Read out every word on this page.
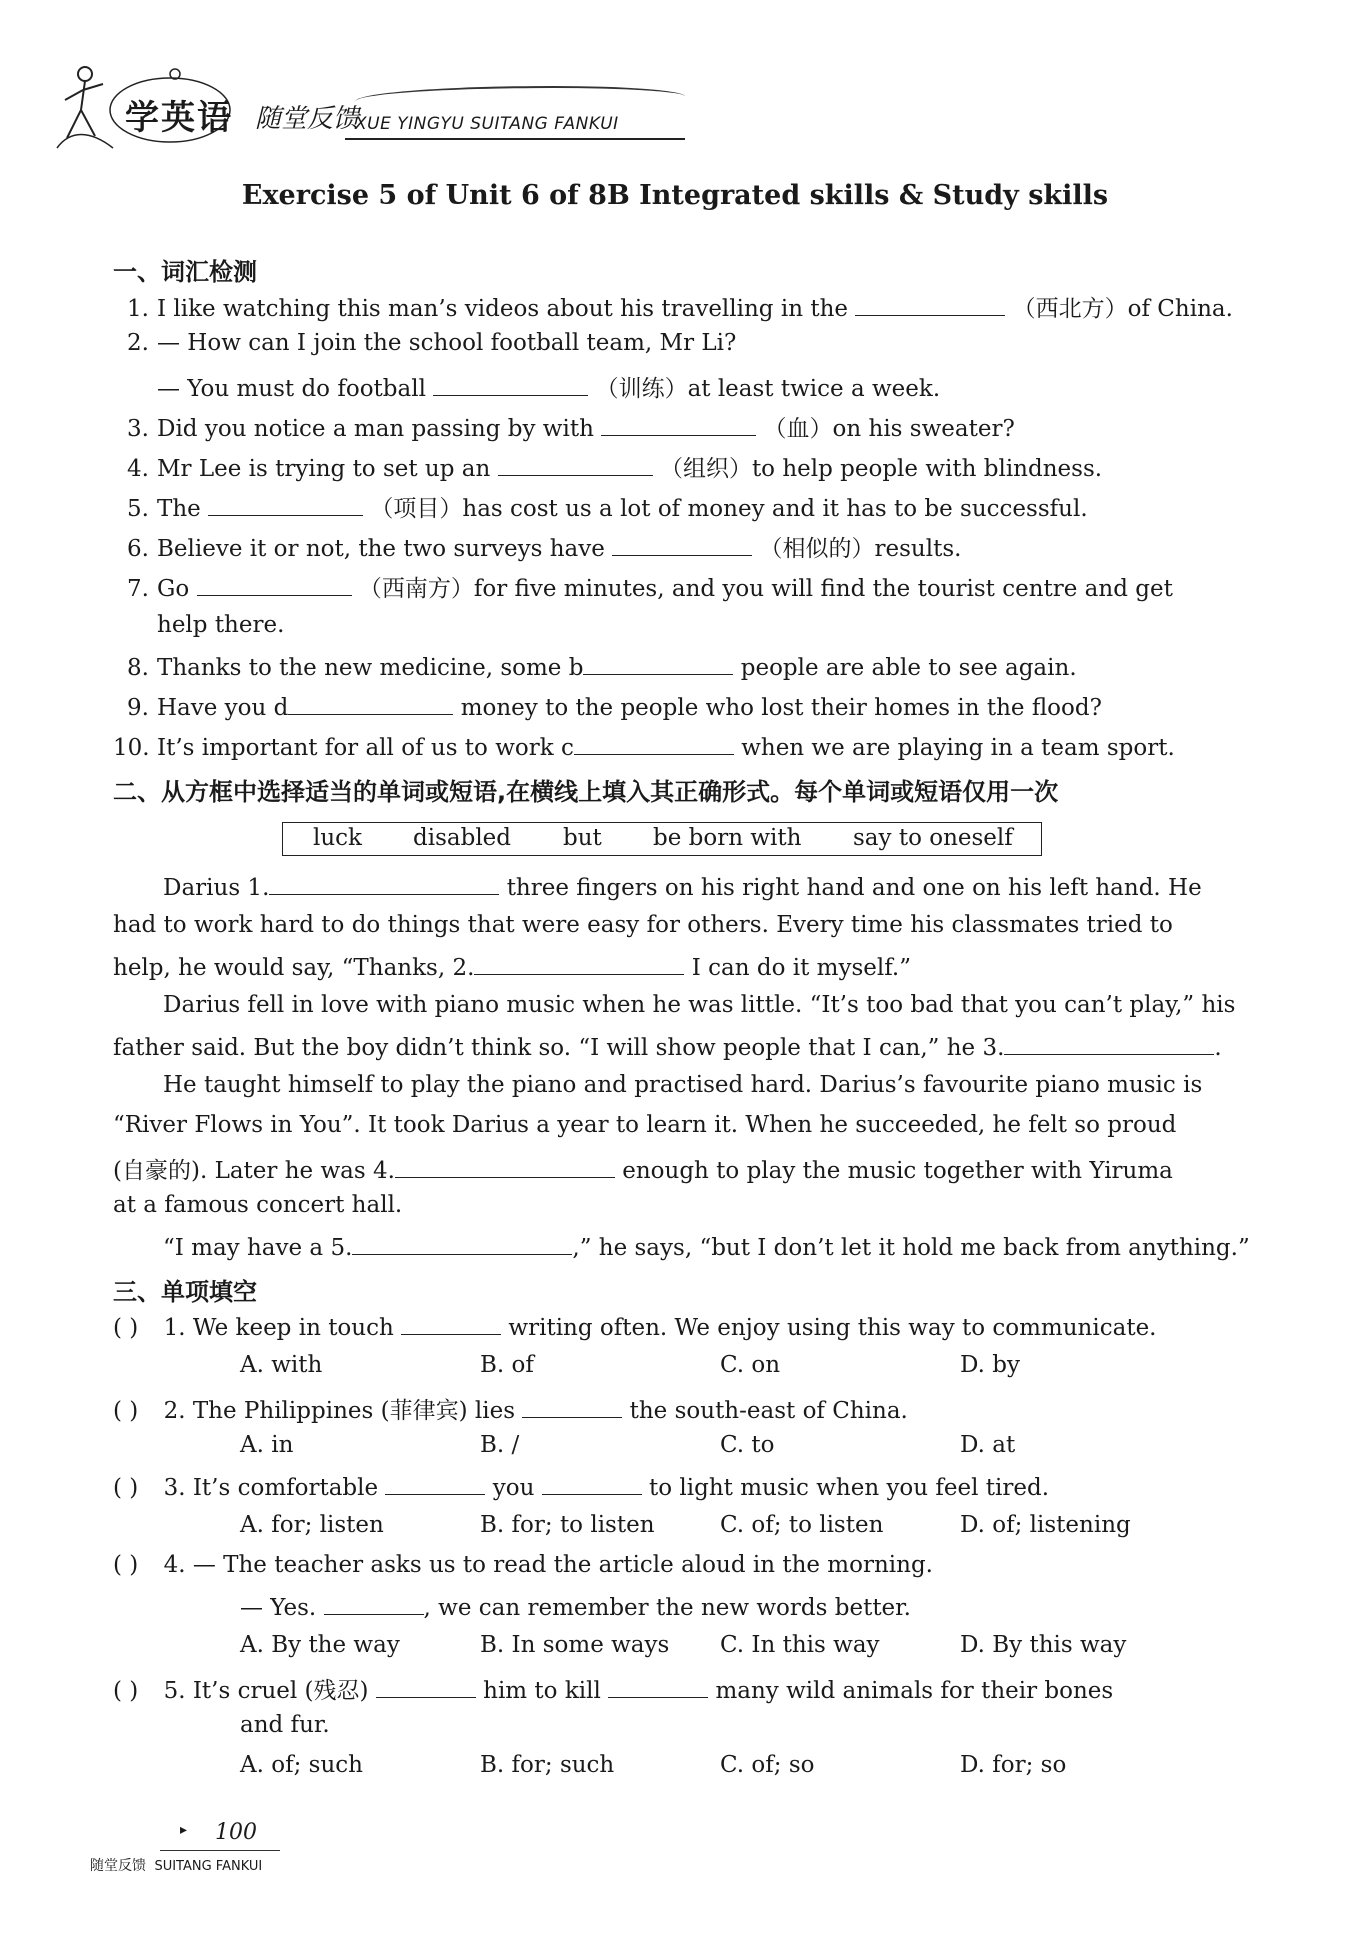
学英语 随堂反馈
XUE YINGYU SUITANG FANKUI
Exercise 5 of Unit 6 of 8B Integrated skills & Study skills
一、词汇检测
1. I like watching this man’s videos about his travelling in the	（西北方）of China.
2. — How can I join the school football team, Mr Li?
— You must do football	（训练）at least twice a week.
3. Did you notice a man passing by with	（血）on his sweater?
4. Mr Lee is trying to set up an	（组织）to help people with blindness.
5. The	（项目）has cost us a lot of money and it has to be successful.
6. Believe it or not, the two surveys have	（相似的）results.
7. Go	（西南方）for five minutes, and you will find the tourist centre and get
help there.
8. Thanks to the new medicine, some b	people are able to see again.
9. Have you d	money to the people who lost their homes in the flood?
10. It’s important for all of us to work c	when we are playing in a team sport.
二、从方框中选择适当的单词或短语,在横线上填入其正确形式。每个单词或短语仅用一次
luck disabled but be born with say to oneself
Darius 1.	three fingers on his right hand and one on his left hand. He
had to work hard to do things that were easy for others. Every time his classmates tried to
help, he would say, “Thanks, 2.	I can do it myself.”
Darius fell in love with piano music when he was little. “It’s too bad that you can’t play,” his
father said. But the boy didn’t think so. “I will show people that I can,” he 3.	.
He taught himself to play the piano and practised hard. Darius’s favourite piano music is
“River Flows in You”. It took Darius a year to learn it. When he succeeded, he felt so proud
(自豪的). Later he was 4.	enough to play the music together with Yiruma
at a famous concert hall.
“I may have a 5.	,” he says, “but I don’t let it hold me back from anything.”
三、单项填空
( ) 1. We keep in touch	writing often. We enjoy using this way to communicate.
A. with	B. of	C. on	D. by
( ) 2. The Philippines (菲律宾) lies	the south-east of China.
A. in	B. /	C. to	D. at
( ) 3. It’s comfortable	you	to light music when you feel tired.
A. for; listen	B. for; to listen	C. of; to listen	D. of; listening
( ) 4. — The teacher asks us to read the article aloud in the morning.
— Yes.	, we can remember the new words better.
A. By the way	B. In some ways C. In this way	D. By this way
( ) 5. It’s cruel (残忍)	him to kill	many wild animals for their bones
and fur.
A. of; such	B. for; such	C. of; so	D. for; so
▸ 100
随堂反馈 SUITANG FANKUI
